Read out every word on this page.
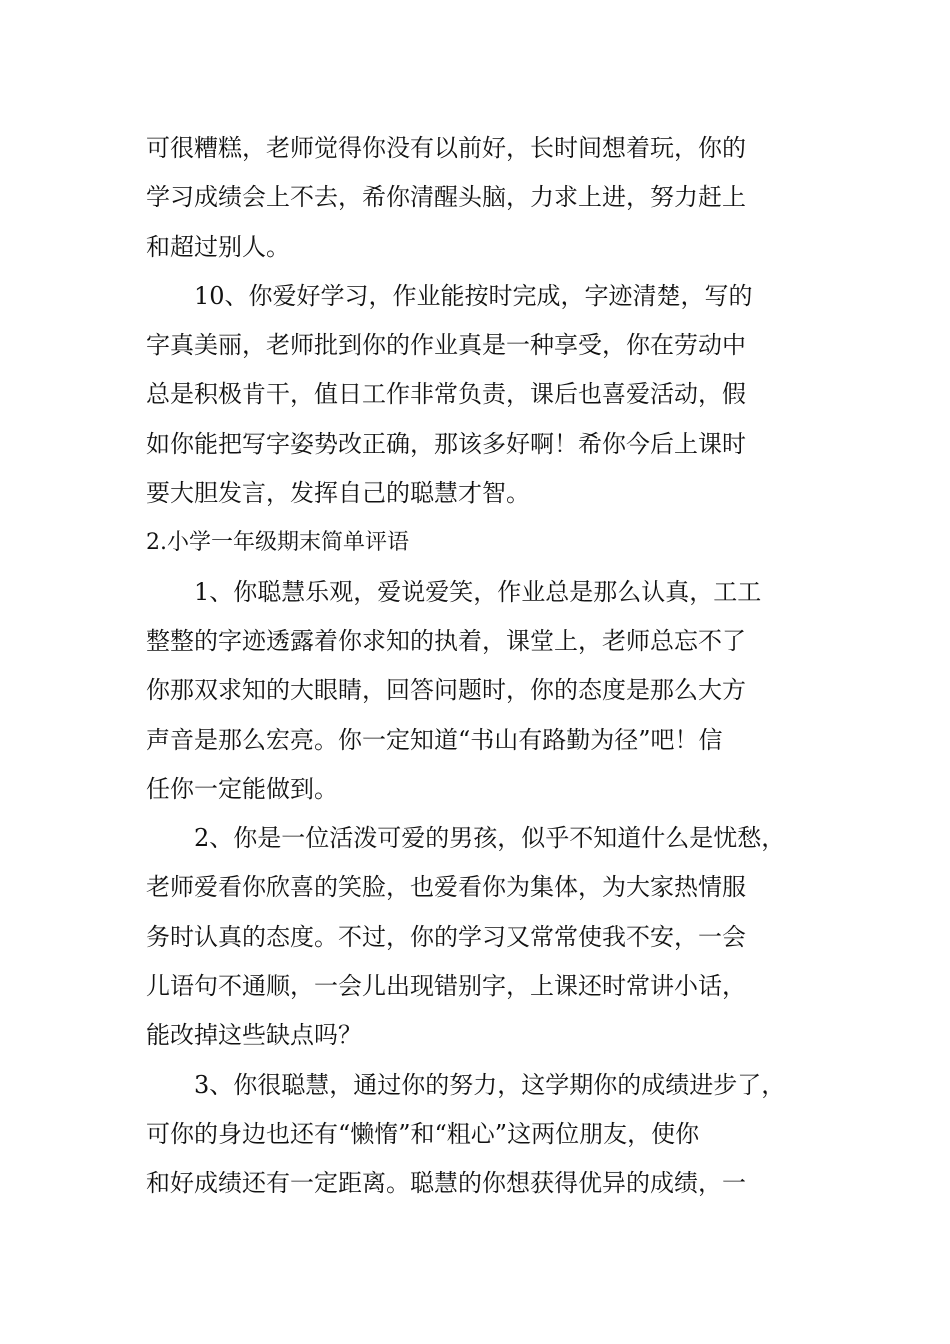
可很糟糕，老师觉得你没有以前好，长时间想着玩，你的
学习成绩会上不去，希你清醒头脑，力求上进，努力赶上
和超过别人。
10、你爱好学习，作业能按时完成，字迹清楚，写的
字真美丽，老师批到你的作业真是一种享受，你在劳动中
总是积极肯干，值日工作非常负责，课后也喜爱活动，假
如你能把写字姿势改正确，那该多好啊！希你今后上课时
要大胆发言，发挥自己的聪慧才智。
2.小学一年级期末简单评语
1、你聪慧乐观，爱说爱笑，作业总是那么认真，工工
整整的字迹透露着你求知的执着，课堂上，老师总忘不了
你那双求知的大眼睛，回答问题时，你的态度是那么大方
声音是那么宏亮。你一定知道“书山有路勤为径”吧！信
任你一定能做到。
2、你是一位活泼可爱的男孩，似乎不知道什么是忧愁，
老师爱看你欣喜的笑脸，也爱看你为集体，为大家热情服
务时认真的态度。不过，你的学习又常常使我不安，一会
儿语句不通顺，一会儿出现错别字，上课还时常讲小话，
能改掉这些缺点吗？
3、你很聪慧，通过你的努力，这学期你的成绩进步了，
可你的身边也还有“懒惰”和“粗心”这两位朋友，使你
和好成绩还有一定距离。聪慧的你想获得优异的成绩，一
